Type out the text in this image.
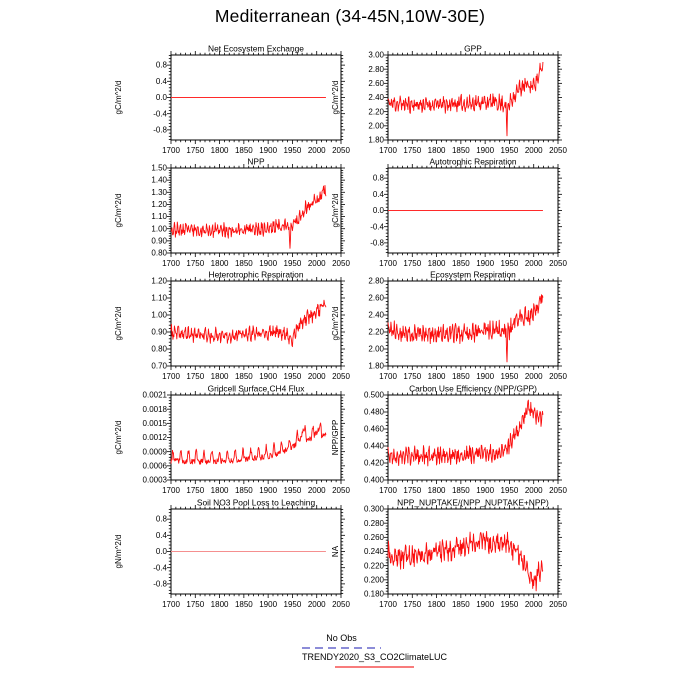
Mediterranean (34-45N,10W-30E)
Net Ecosystem Exchange
gC/m^2/d
1700 1750 1800 1850 1900 1950 2000 2050
-0.8
-0.4
0.0
0.4
0.8
GPP
gC/m^2/d
1700 1750 1800 1850 1900 1950 2000 2050
1.80
2.00
2.20
2.40
2.60
2.80
3.00
NPP
gC/m^2/d
1700 1750 1800 1850 1900 1950 2000 2050
0.80
0.90
1.00
1.10
1.20
1.30
1.40
1.50
Autotrophic Respiration
gC/m^2/d
1700 1750 1800 1850 1900 1950 2000 2050
-0.8
-0.4
0.0
0.4
0.8
Heterotrophic Respiration
gC/m^2/d
1700 1750 1800 1850 1900 1950 2000 2050
0.70
0.80
0.90
1.00
1.10
1.20
Ecosystem Respiration
gC/m^2/d
1700 1750 1800 1850 1900 1950 2000 2050
1.80
2.00
2.20
2.40
2.60
2.80
Gridcell Surface CH4 Flux
gC/m^2/d
1700 1750 1800 1850 1900 1950 2000 2050
0.0003
0.0006
0.0009
0.0012
0.0015
0.0018
0.0021
Carbon Use Efficiency (NPP/GPP)
NPP/GPP
1700 1750 1800 1850 1900 1950 2000 2050
0.400
0.420
0.440
0.460
0.480
0.500
Soil NO3 Pool Loss to Leaching
gN/m^2/d
1700 1750 1800 1850 1900 1950 2000 2050
-0.8
-0.4
0.0
0.4
0.8
NPP_NUPTAKE/(NPP_NUPTAKE+NPP)
NA
1700 1750 1800 1850 1900 1950 2000 2050
0.180
0.200
0.220
0.240
0.260
0.280
0.300
No Obs
TRENDY2020_S3_CO2ClimateLUC
